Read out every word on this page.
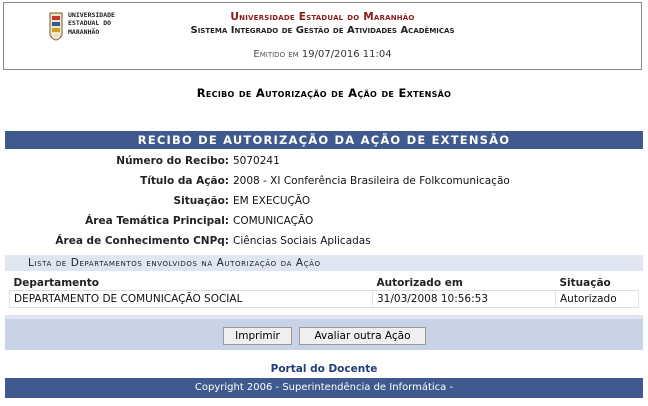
UNIVERSIDADE
ESTADUAL DO
MARANHÃO
Universidade Estadual do Maranhão
Sistema Integrado de Gestão de Atividades Acadêmicas
Emitido em 19/07/2016 11:04
Recibo de Autorização de Ação de Extensão
RECIBO DE AUTORIZAÇÃO DA AÇÃO DE EXTENSÃO
Número do Recibo: 5070241
Título da Ação: 2008 - XI Conferência Brasileira de Folkcomunicação
Situação: EM EXECUÇÃO
Área Temática Principal: COMUNICAÇÃO
Área de Conhecimento CNPq: Ciências Sociais Aplicadas
Lista de Departamentos envolvidos na Autorização da Ação
Departamento	Autorizado em	Situação
DEPARTAMENTO DE COMUNICAÇÃO SOCIAL	31/03/2008 10:56:53	Autorizado
Imprimir	Avaliar outra Ação
Portal do Docente
Copyright 2006 - Superintendência de Informática -
